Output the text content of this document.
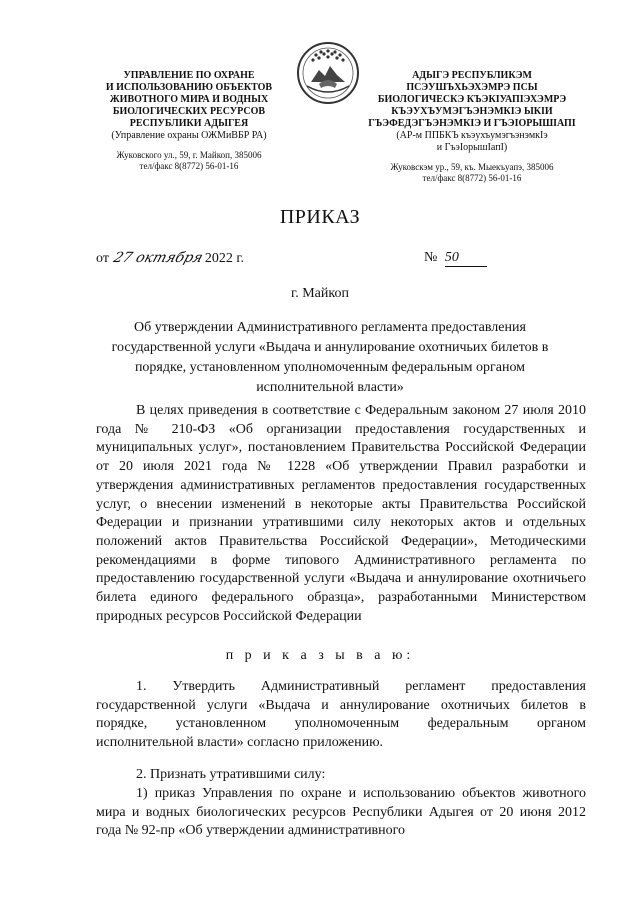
УПРАВЛЕНИЕ ПО ОХРАНЕ
И ИСПОЛЬЗОВАНИЮ ОБЪЕКТОВ
ЖИВОТНОГО МИРА И ВОДНЫХ
БИОЛОГИЧЕСКИХ РЕСУРСОВ
РЕСПУБЛИКИ АДЫГЕЯ
(Управление охраны ОЖМиВБР РА)
Жуковского ул., 59, г. Майкоп, 385006
тел/факс 8(8772) 56-01-16
АДЫГЭ РЕСПУБЛИКЭМ
ПСЭУШЪХЬЭХЭМРЭ ПСЫ
БИОЛОГИЧЕСКЭ КЪЭКIУАПIЭХЭМРЭ
КЪЭУХЪУМЭГЪЭНЭМКIЭ ЫКIИ
ГЪЭФЕДЭГЪЭНЭМКIЭ И ГЪЭIОРЫШIАПI
(АР-м ППБКЪ къэухъумэгъэнэмкIэ
и ГъэIорышIапI)
Жуковскэм ур., 59, къ. Мыекъуапэ, 385006
тел/факс 8(8772) 56-01-16
ПРИКАЗ
от 27 октября2022 г.	№ 50
г. Майкоп
Об утверждении Административного регламента предоставления государственной услуги «Выдача и аннулирование охотничьих билетов в порядке, установленном уполномоченным федеральным органом исполнительной власти»
В целях приведения в соответствие с Федеральным законом 27 июля 2010 года № 210-ФЗ «Об организации предоставления государственных и муниципальных услуг», постановлением Правительства Российской Федерации от 20 июля 2021 года № 1228 «Об утверждении Правил разработки и утверждения административных регламентов предоставления государственных услуг, о внесении изменений в некоторые акты Правительства Российской Федерации и признании утратившими силу некоторых актов и отдельных положений актов Правительства Российской Федерации», Методическими рекомендациями в форме типового Административного регламента по предоставлению государственной услуги «Выдача и аннулирование охотничьего билета единого федерального образца», разработанными Министерством природных ресурсов Российской Федерации
п р и к а з ы в а ю:
1. Утвердить Административный регламент предоставления государственной услуги «Выдача и аннулирование охотничьих билетов в порядке, установленном уполномоченным федеральным органом исполнительной власти» согласно приложению.
2. Признать утратившими силу:
1) приказ Управления по охране и использованию объектов животного мира и водных биологических ресурсов Республики Адыгея от 20 июня 2012 года № 92-пр «Об утверждении административного
